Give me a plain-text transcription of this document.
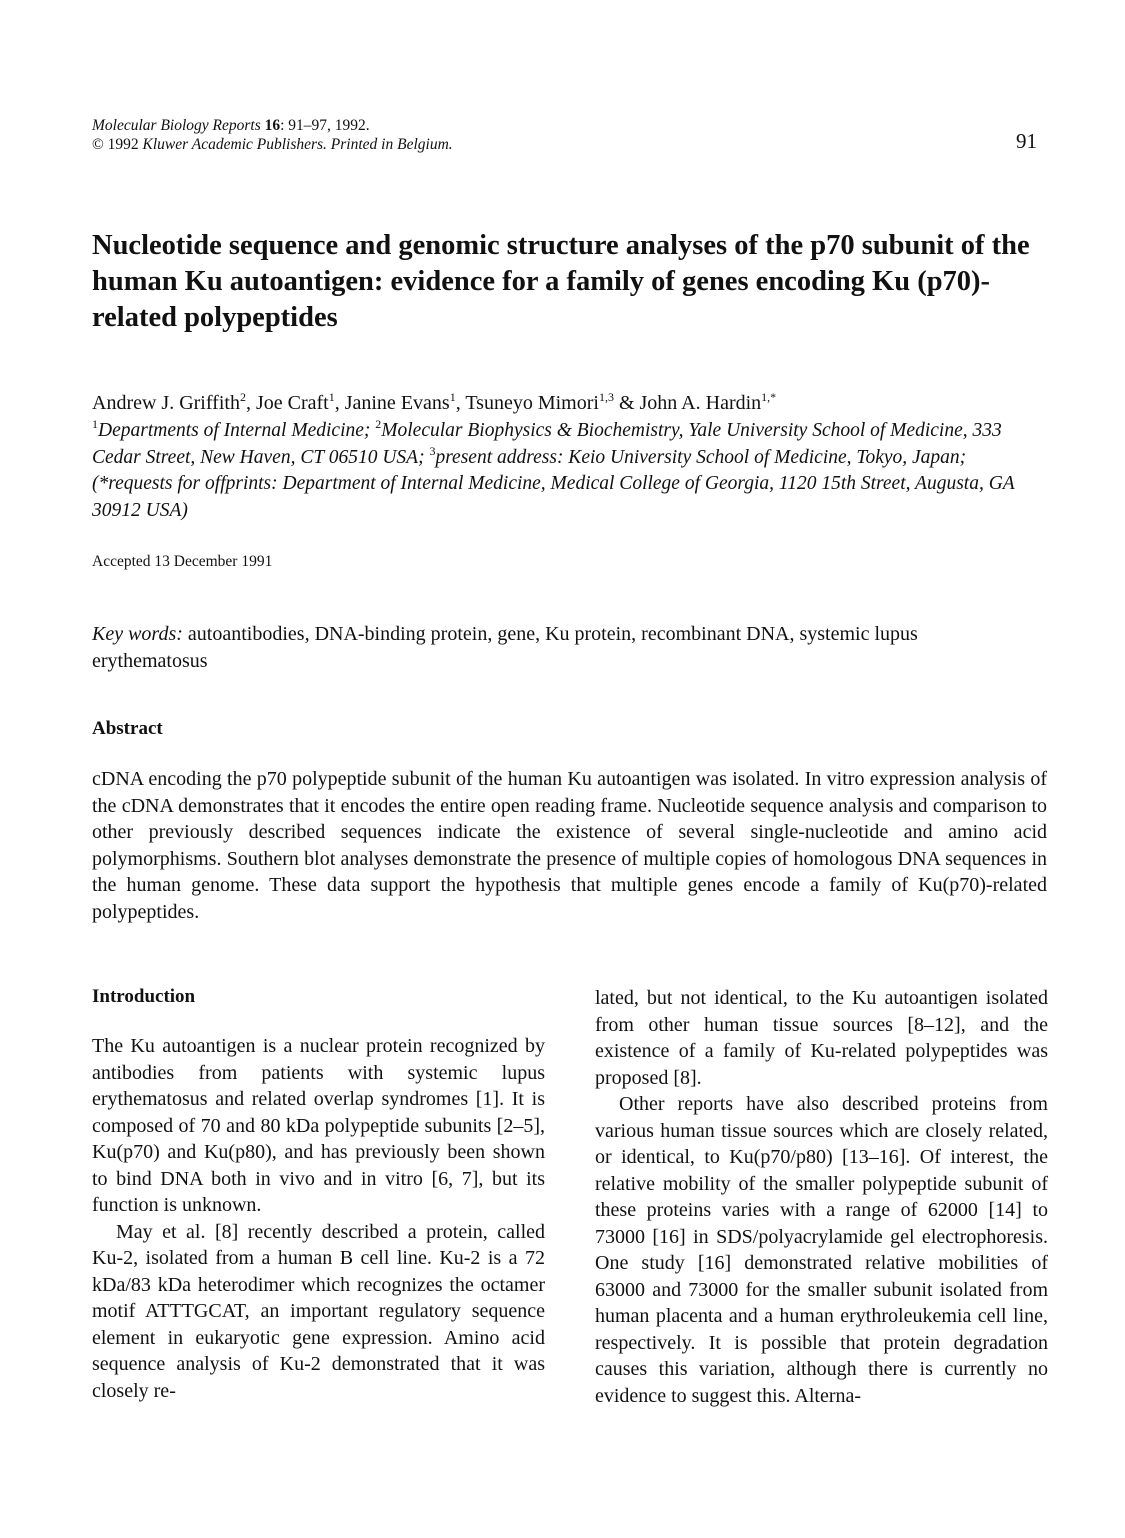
Molecular Biology Reports 16: 91–97, 1992.
© 1992 Kluwer Academic Publishers. Printed in Belgium.	91
Nucleotide sequence and genomic structure analyses of the p70 subunit of the human Ku autoantigen: evidence for a family of genes encoding Ku (p70)-related polypeptides
Andrew J. Griffith$^2$, Joe Craft$^1$, Janine Evans$^1$, Tsuneyo Mimori$^{1,3}$ & John A. Hardin$^{1,*}$
$^1$Departments of Internal Medicine; $^2$Molecular Biophysics & Biochemistry, Yale University School of Medicine, 333 Cedar Street, New Haven, CT 06510 USA; $^3$present address: Keio University School of Medicine, Tokyo, Japan; (*requests for offprints: Department of Internal Medicine, Medical College of Georgia, 1120 15th Street, Augusta, GA 30912 USA)
Accepted 13 December 1991
Key words: autoantibodies, DNA-binding protein, gene, Ku protein, recombinant DNA, systemic lupus erythematosus
Abstract

cDNA encoding the p70 polypeptide subunit of the human Ku autoantigen was isolated. In vitro expression analysis of the cDNA demonstrates that it encodes the entire open reading frame. Nucleotide sequence analysis and comparison to other previously described sequences indicate the existence of several single-nucleotide and amino acid polymorphisms. Southern blot analyses demonstrate the presence of multiple copies of homologous DNA sequences in the human genome. These data support the hypothesis that multiple genes encode a family of Ku(p70)-related polypeptides.

Introduction

The Ku autoantigen is a nuclear protein recognized by antibodies from patients with systemic lupus erythematosus and related overlap syndromes [1]. It is composed of 70 and 80 kDa polypeptide subunits [2–5], Ku(p70) and Ku(p80), and has previously been shown to bind DNA both in vivo and in vitro [6, 7], but its function is unknown.

May et al. [8] recently described a protein, called Ku-2, isolated from a human B cell line. Ku-2 is a 72 kDa/83 kDa heterodimer which recognizes the octamer motif ATTTGCAT, an important regulatory sequence element in eukaryotic gene expression. Amino acid sequence analysis of Ku-2 demonstrated that it was closely re-

lated, but not identical, to the Ku autoantigen isolated from other human tissue sources [8–12], and the existence of a family of Ku-related polypeptides was proposed [8].

Other reports have also described proteins from various human tissue sources which are closely related, or identical, to Ku(p70/p80) [13–16]. Of interest, the relative mobility of the smaller polypeptide subunit of these proteins varies with a range of 62000 [14] to 73000 [16] in SDS/polyacrylamide gel electrophoresis. One study [16] demonstrated relative mobilities of 63000 and 73000 for the smaller subunit isolated from human placenta and a human erythroleukemia cell line, respectively. It is possible that protein degradation causes this variation, although there is currently no evidence to suggest this. Alterna-
